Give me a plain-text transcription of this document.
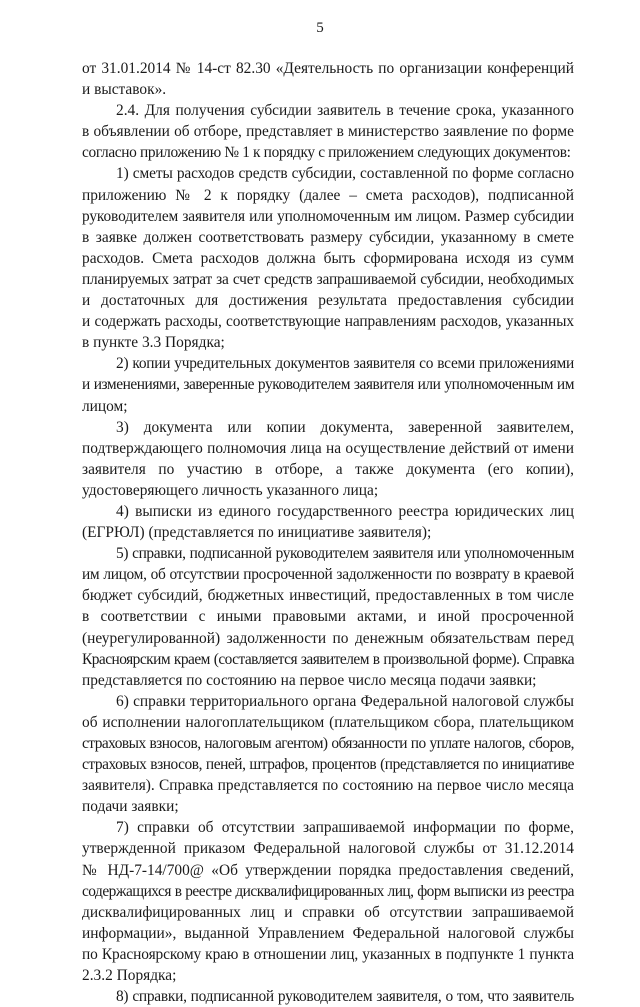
5
от 31.01.2014 № 14-ст 82.30 «Деятельность по организации конференций
и выставок».
2.4. Для получения субсидии заявитель в течение срока, указанного
в объявлении об отборе, представляет в министерство заявление по форме
согласно приложению № 1 к порядку с приложением следующих документов:
1) сметы расходов средств субсидии, составленной по форме согласно
приложению № 2 к порядку (далее – смета расходов), подписанной
руководителем заявителя или уполномоченным им лицом. Размер субсидии
в заявке должен соответствовать размеру субсидии, указанному в смете
расходов. Смета расходов должна быть сформирована исходя из сумм
планируемых затрат за счет средств запрашиваемой субсидии, необходимых
и достаточных для достижения результата предоставления субсидии
и содержать расходы, соответствующие направлениям расходов, указанных
в пункте 3.3 Порядка;
2) копии учредительных документов заявителя со всеми приложениями
и изменениями, заверенные руководителем заявителя или уполномоченным им
лицом;
3) документа или копии документа, заверенной заявителем,
подтверждающего полномочия лица на осуществление действий от имени
заявителя по участию в отборе, а также документа (его копии),
удостоверяющего личность указанного лица;
4) выписки из единого государственного реестра юридических лиц
(ЕГРЮЛ) (представляется по инициативе заявителя);
5) справки, подписанной руководителем заявителя или уполномоченным
им лицом, об отсутствии просроченной задолженности по возврату в краевой
бюджет субсидий, бюджетных инвестиций, предоставленных в том числе
в соответствии с иными правовыми актами, и иной просроченной
(неурегулированной) задолженности по денежным обязательствам перед
Красноярским краем (составляется заявителем в произвольной форме). Справка
представляется по состоянию на первое число месяца подачи заявки;
6) справки территориального органа Федеральной налоговой службы
об исполнении налогоплательщиком (плательщиком сбора, плательщиком
страховых взносов, налоговым агентом) обязанности по уплате налогов, сборов,
страховых взносов, пеней, штрафов, процентов (представляется по инициативе
заявителя). Справка представляется по состоянию на первое число месяца
подачи заявки;
7) справки об отсутствии запрашиваемой информации по форме,
утвержденной приказом Федеральной налоговой службы от 31.12.2014
№ НД-7-14/700@ «Об утверждении порядка предоставления сведений,
содержащихся в реестре дисквалифицированных лиц, форм выписки из реестра
дисквалифицированных лиц и справки об отсутствии запрашиваемой
информации», выданной Управлением Федеральной налоговой службы
по Красноярскому краю в отношении лиц, указанных в подпункте 1 пункта
2.3.2 Порядка;
8) справки, подписанной руководителем заявителя, о том, что заявитель
